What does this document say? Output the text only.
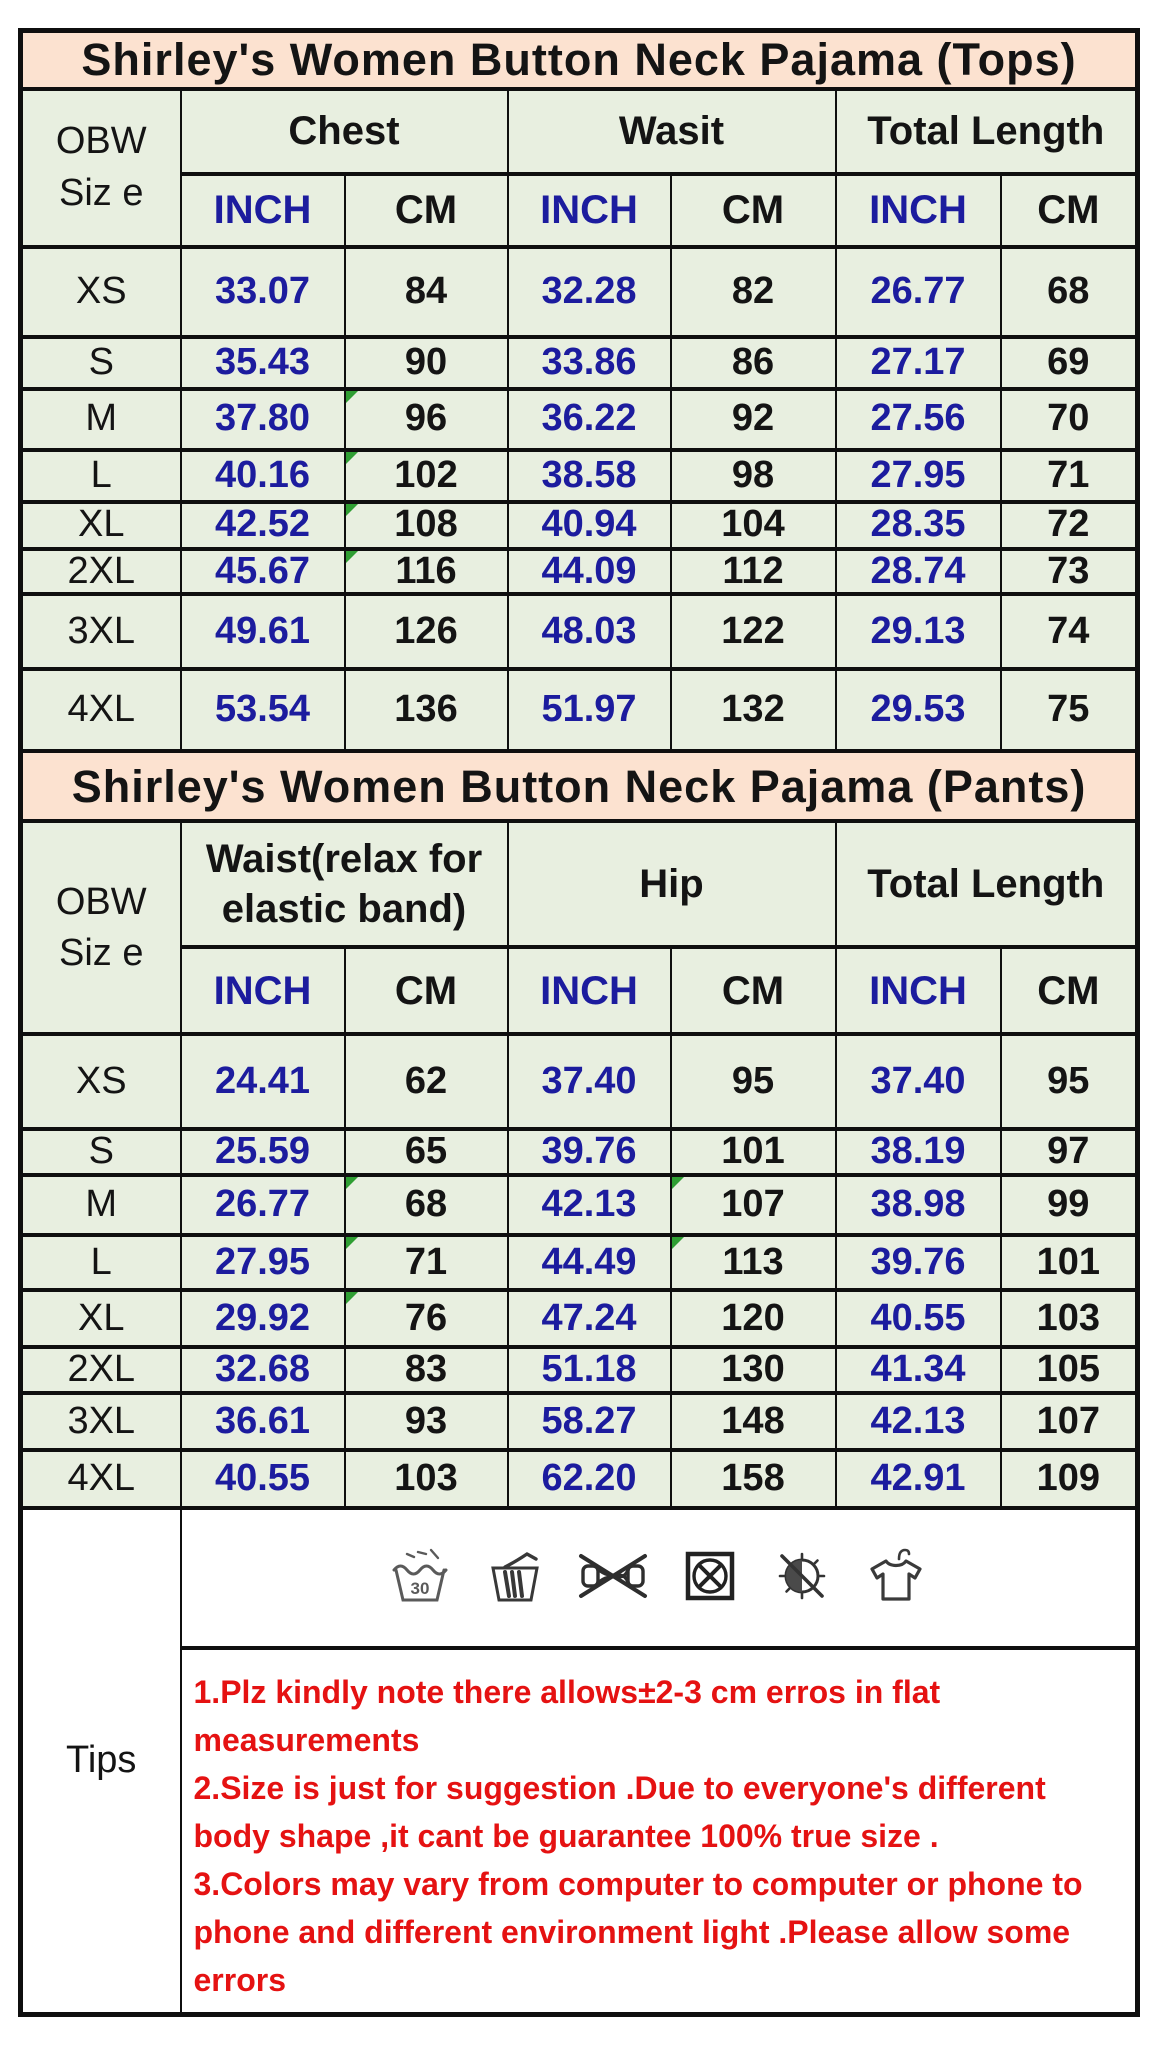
Shirley's Women Button Neck Pajama (Tops)						

OBW
Siz e	Chest		Wasit		Total Length	
	INCH	CM	INCH	CM	INCH	CM
XS	33.07	84	32.28	82	26.77	68
S	35.43	90	33.86	86	27.17	69
M	37.80	96	36.22	92	27.56	70
L	40.16	102	38.58	98	27.95	71
XL	42.52	108	40.94	104	28.35	72
2XL	45.67	116	44.09	112	28.74	73
3XL	49.61	126	48.03	122	29.13	74
4XL	53.54	136	51.97	132	29.53	75
Shirley's Women Button Neck Pajama (Pants)						

OBW
Siz e	Waist(relax for elastic band)		Hip		Total Length	
	INCH	CM	INCH	CM	INCH	CM
XS	24.41	62	37.40	95	37.40	95
S	25.59	65	39.76	101	38.19	97
M	26.77	68	42.13	107	38.98	99
L	27.95	71	44.49	113	39.76	101
XL	29.92	76	47.24	120	40.55	103
2XL	32.68	83	51.18	130	41.34	105
3XL	36.61	93	58.27	148	42.13	107
4XL	40.55	103	62.20	158	42.91	109
Tips	30					

	1.Plz kindly note there allows±2-3 cm erros in flat measurements
2.Size is just for suggestion .Due to everyone's different body shape ,it cant be guarantee 100% true size .
3.Colors may vary from computer to computer or phone to phone and different environment light .Please allow some errors					
